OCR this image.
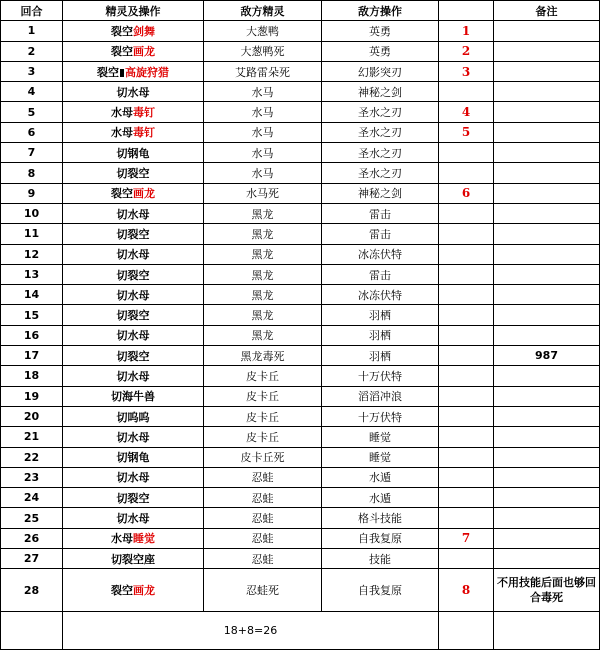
回合	精灵及操作	敌方精灵	敌方操作		备注
1	裂空剑舞	大葱鸭	英勇	1	
2	裂空画龙	大葱鸭死	英勇	2	
3	裂空 高旋狩猎	艾路雷朵死	幻影突刃	3	
4	切水母	水马	神秘之剑		
5	水母毒钉	水马	圣水之刃	4	
6	水母毒钉	水马	圣水之刃	5	
7	切钢龟	水马	圣水之刃		
8	切裂空	水马	圣水之刃		
9	裂空画龙	水马死	神秘之剑	6	
10	切水母	黑龙	雷击		
11	切裂空	黑龙	雷击		
12	切水母	黑龙	冰冻伏特		
13	切裂空	黑龙	雷击		
14	切水母	黑龙	冰冻伏特		
15	切裂空	黑龙	羽栖		
16	切水母	黑龙	羽栖		
17	切裂空	黑龙毒死	羽栖		987
18	切水母	皮卡丘	十万伏特		
19	切海牛兽	皮卡丘	滔滔冲浪		
20	切呜呜	皮卡丘	十万伏特		
21	切水母	皮卡丘	睡觉		
22	切钢龟	皮卡丘死	睡觉		
23	切水母	忍蛙	水遁		
24	切裂空	忍蛙	水遁		
25	切水母	忍蛙	格斗技能		
26	水母睡觉	忍蛙	自我复原	7	
27	切裂空座	忍蛙	技能		
28	裂空画龙	忍蛙死	自我复原	8	不用技能后面也够回合毒死
	18+8=26				
